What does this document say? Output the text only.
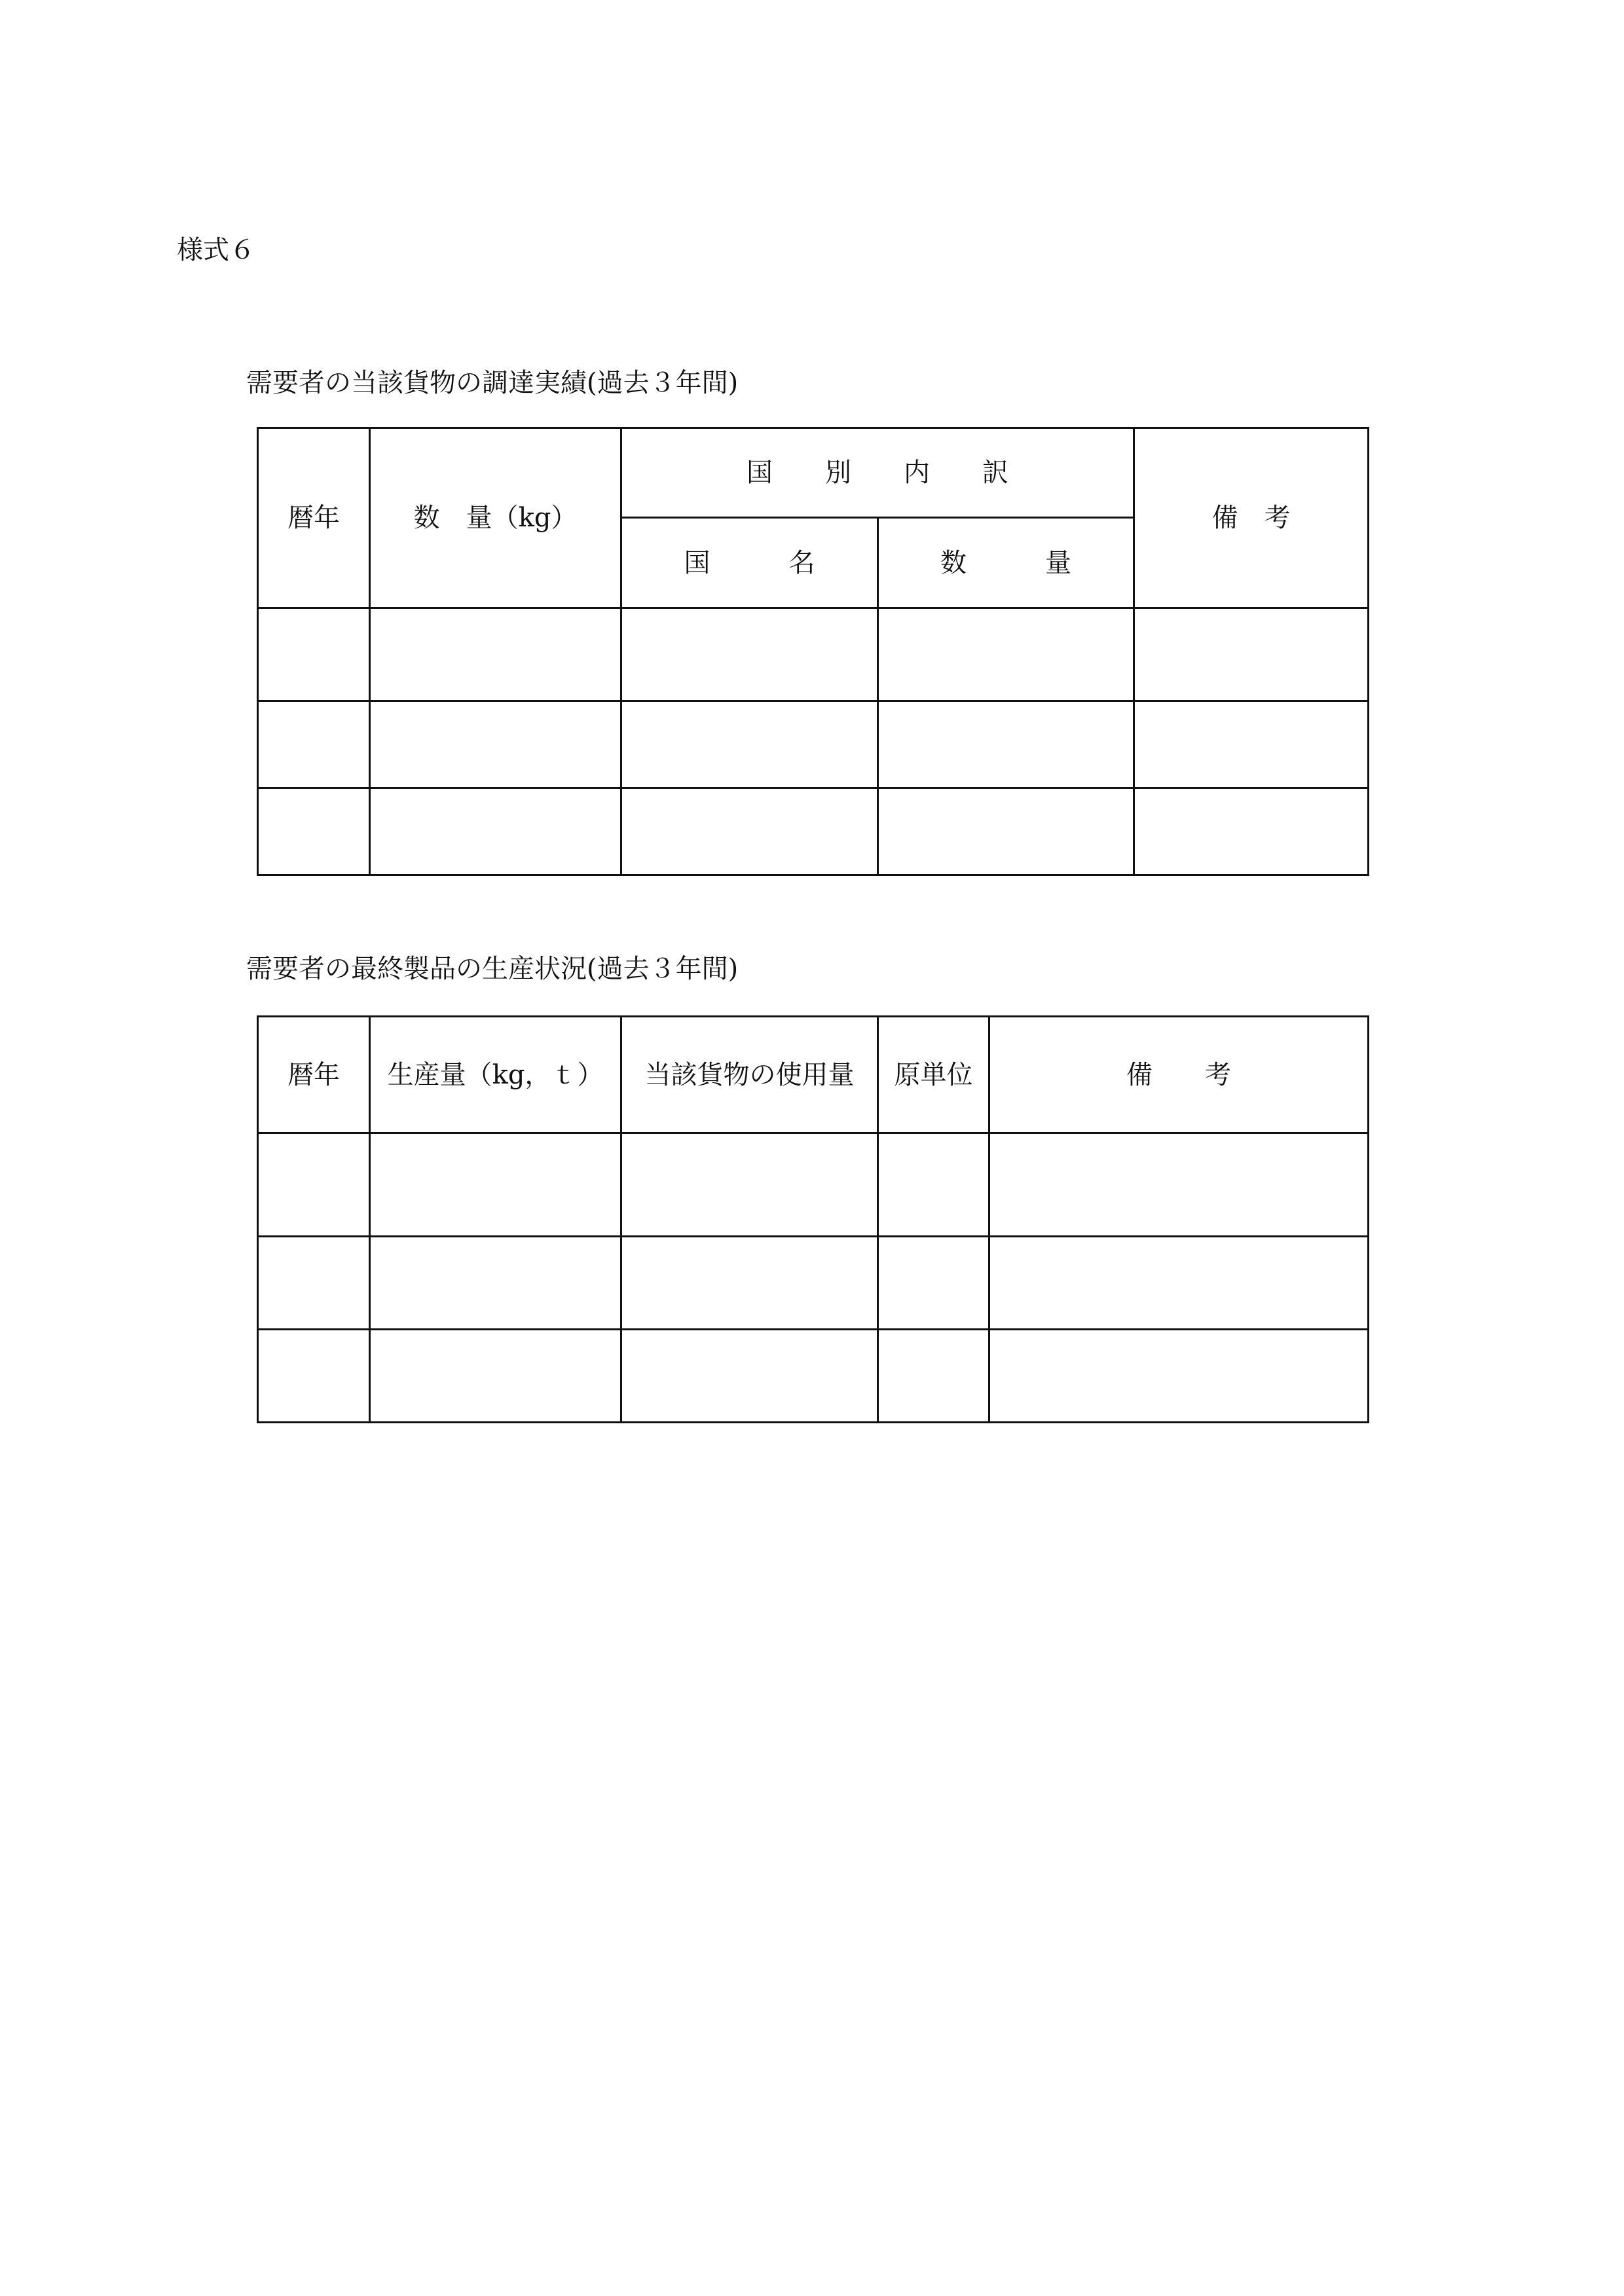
様式６
需要者の当該貨物の調達実績(過去３年間)
暦年	数　量（kg）	国　　別　　内　　訳		備　考
		国　　　名	数　　　量	

需要者の最終製品の生産状況(過去３年間)
暦年	生産量（kg，ｔ）	当該貨物の使用量	原単位	備　　考
